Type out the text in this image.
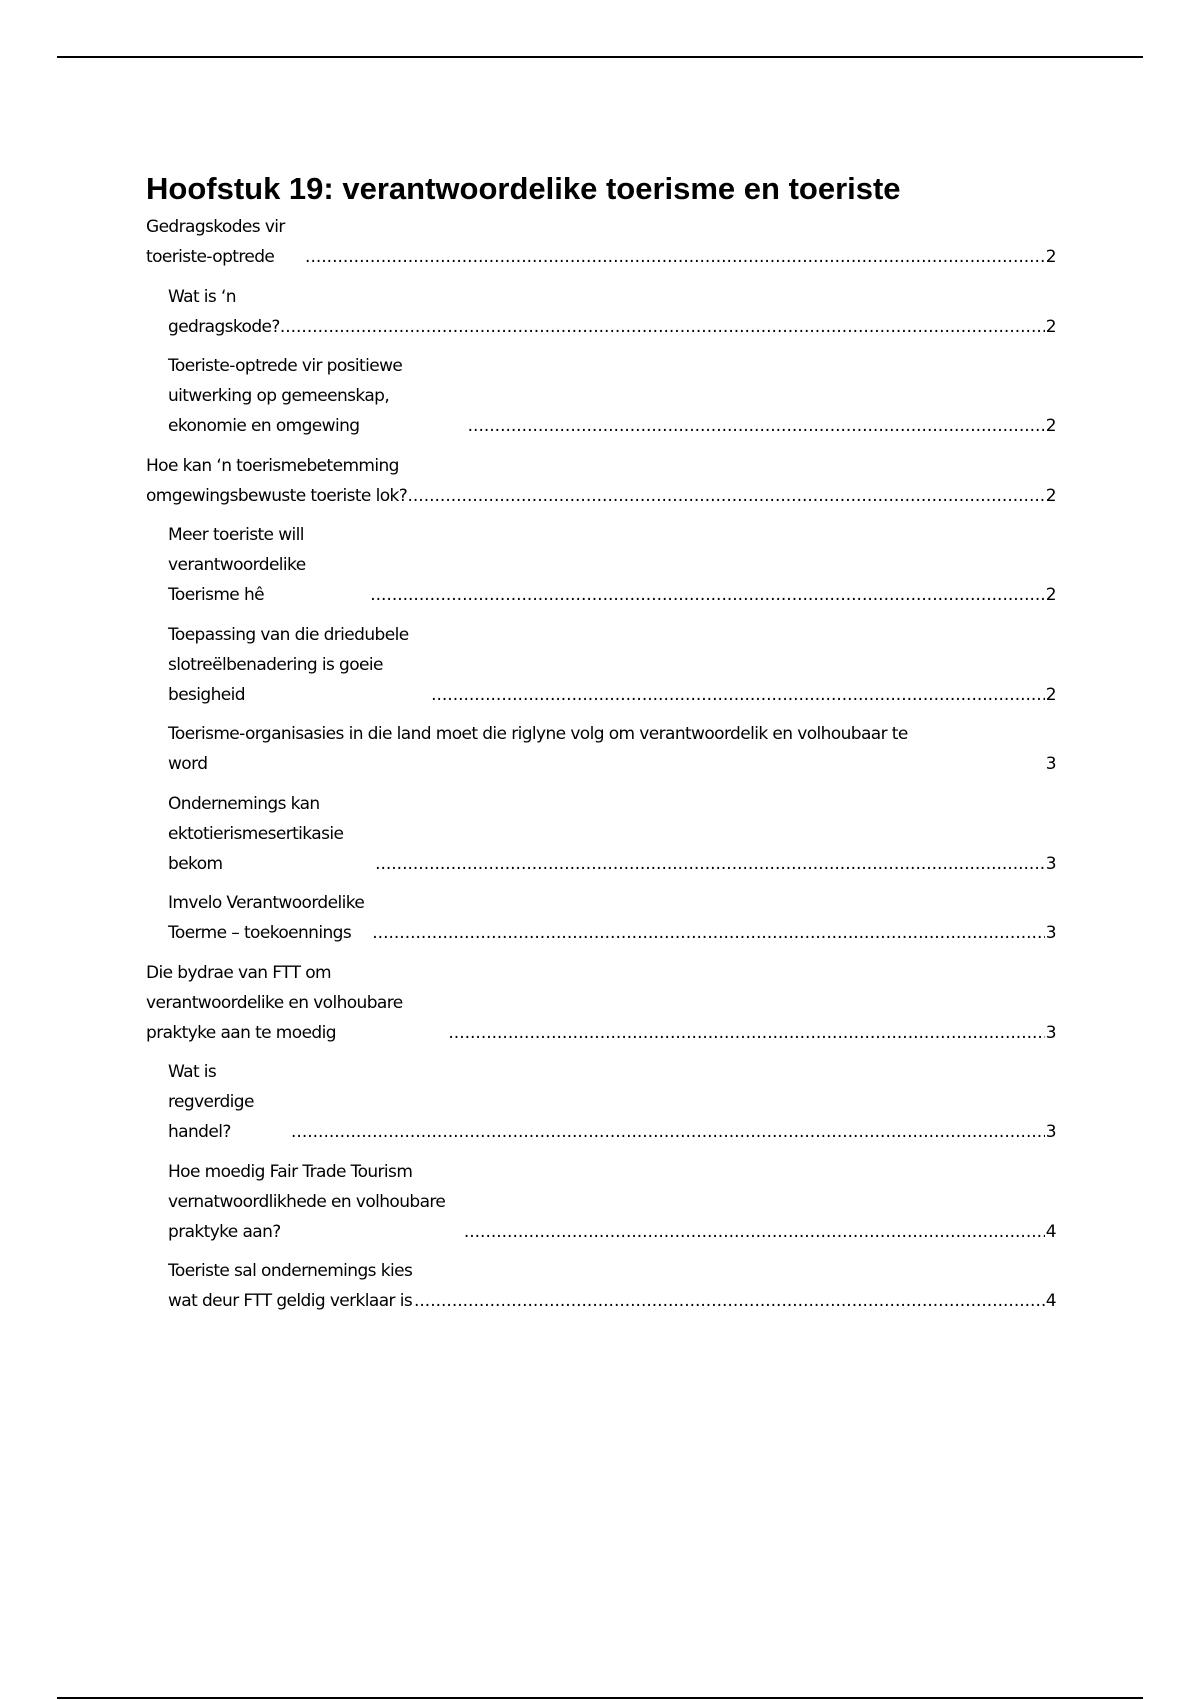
Hoofstuk 19: verantwoordelike toerisme en toeriste
Gedragskodes vir toeriste-optrede .....	2
Wat is ‘n gedragskode? .....	2
Toeriste-optrede vir positiewe uitwerking op gemeenskap, ekonomie en omgewing .....	2
Hoe kan ‘n toerismebetemming omgewingsbewuste toeriste lok? .....	2
Meer toeriste will verantwoordelike Toerisme hê .....	2
Toepassing van die driedubele slotreëlbenadering is goeie besigheid .....	2
Toerisme-organisasies in die land moet die riglyne volg om verantwoordelik en volhoubaar te
word	3
Ondernemings kan ektotierismesertikasie bekom .....	3
Imvelo Verantwoordelike Toerme – toekoennings .....	3
Die bydrae van FTT om verantwoordelike en volhoubare praktyke aan te moedig .....	3
Wat is regverdige handel? .....	3
Hoe moedig Fair Trade Tourism vernatwoordlikhede en volhoubare praktyke aan? .....	4
Toeriste sal ondernemings kies wat deur FTT geldig verklaar is .....	4
